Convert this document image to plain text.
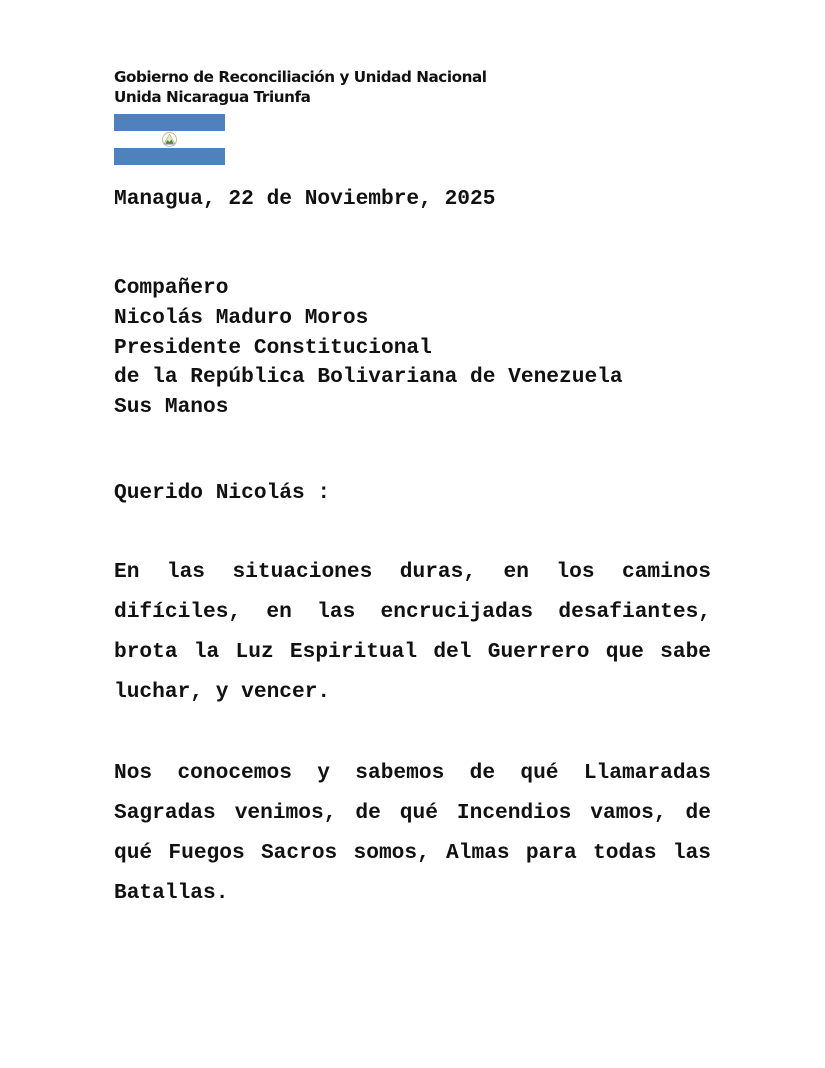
Gobierno de Reconciliación y Unidad Nacional
Unida Nicaragua Triunfa
Managua, 22 de Noviembre, 2025
Compañero
Nicolás Maduro Moros
Presidente Constitucional
de la República Bolivariana de Venezuela
Sus Manos
Querido Nicolás :

En las situaciones duras, en los caminos difíciles, en las encrucijadas desafiantes, brota la Luz Espiritual del Guerrero que sabe luchar, y vencer.

Nos conocemos y sabemos de qué Llamaradas Sagradas venimos, de qué Incendios vamos, de qué Fuegos Sacros somos, Almas para todas las Batallas.
